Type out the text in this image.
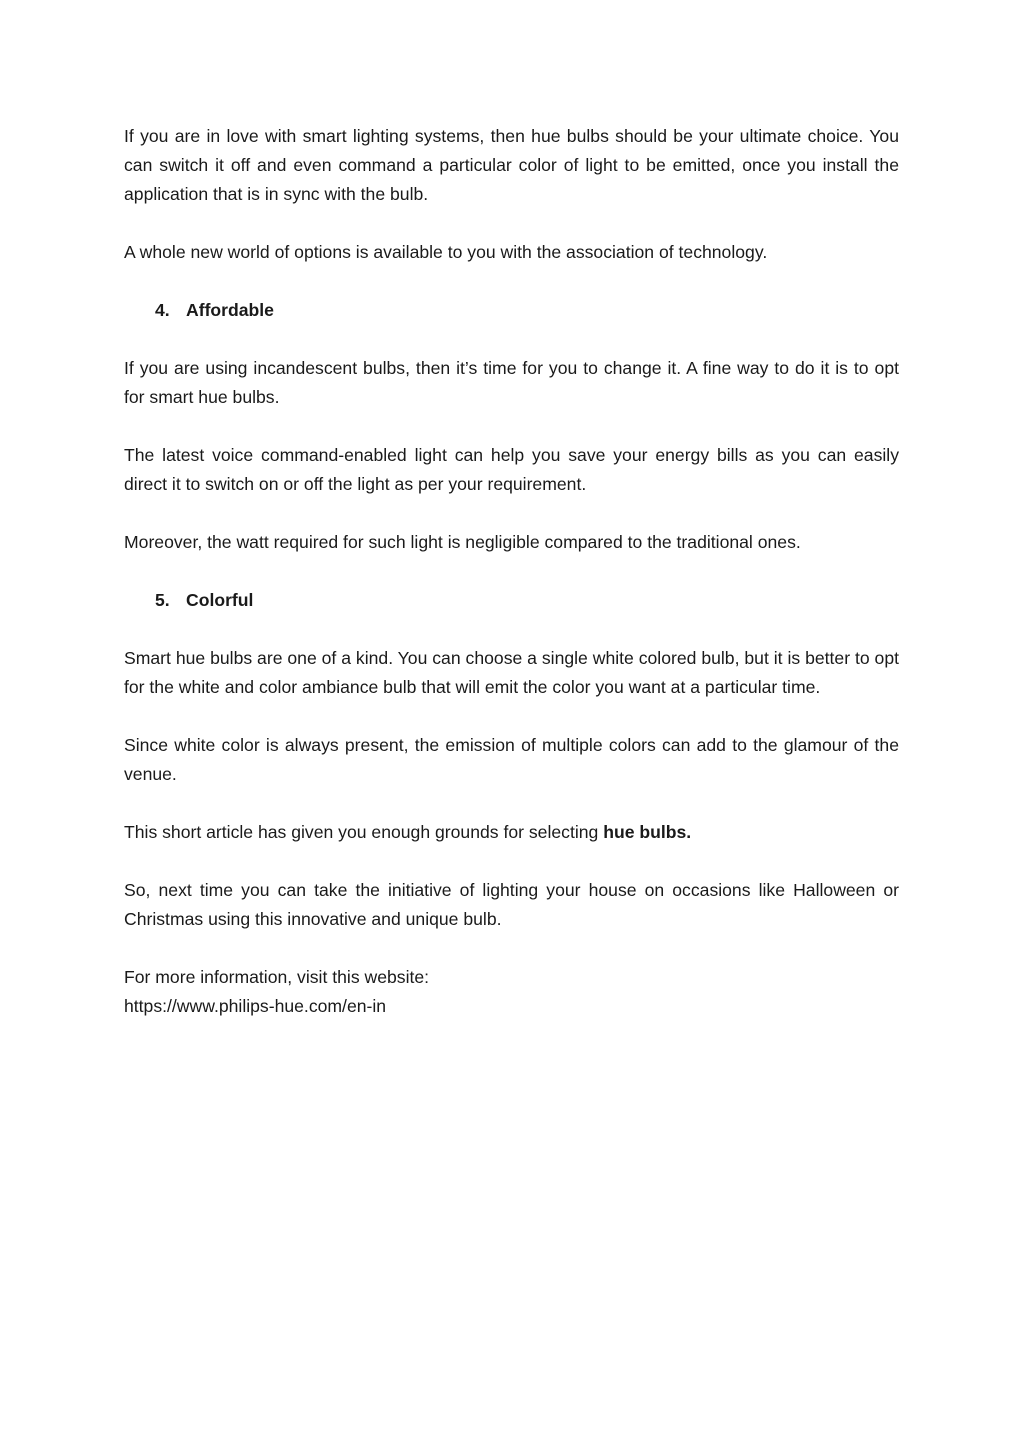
If you are in love with smart lighting systems, then hue bulbs should be your ultimate choice. You can switch it off and even command a particular color of light to be emitted, once you install the application that is in sync with the bulb.

A whole new world of options is available to you with the association of technology.

4. Affordable

If you are using incandescent bulbs, then it’s time for you to change it. A fine way to do it is to opt for smart hue bulbs.

The latest voice command-enabled light can help you save your energy bills as you can easily direct it to switch on or off the light as per your requirement.

Moreover, the watt required for such light is negligible compared to the traditional ones.

5. Colorful

Smart hue bulbs are one of a kind. You can choose a single white colored bulb, but it is better to opt for the white and color ambiance bulb that will emit the color you want at a particular time.

Since white color is always present, the emission of multiple colors can add to the glamour of the venue.

This short article has given you enough grounds for selecting hue bulbs.

So, next time you can take the initiative of lighting your house on occasions like Halloween or Christmas using this innovative and unique bulb.

For more information, visit this website:
https://www.philips-hue.com/en-in
